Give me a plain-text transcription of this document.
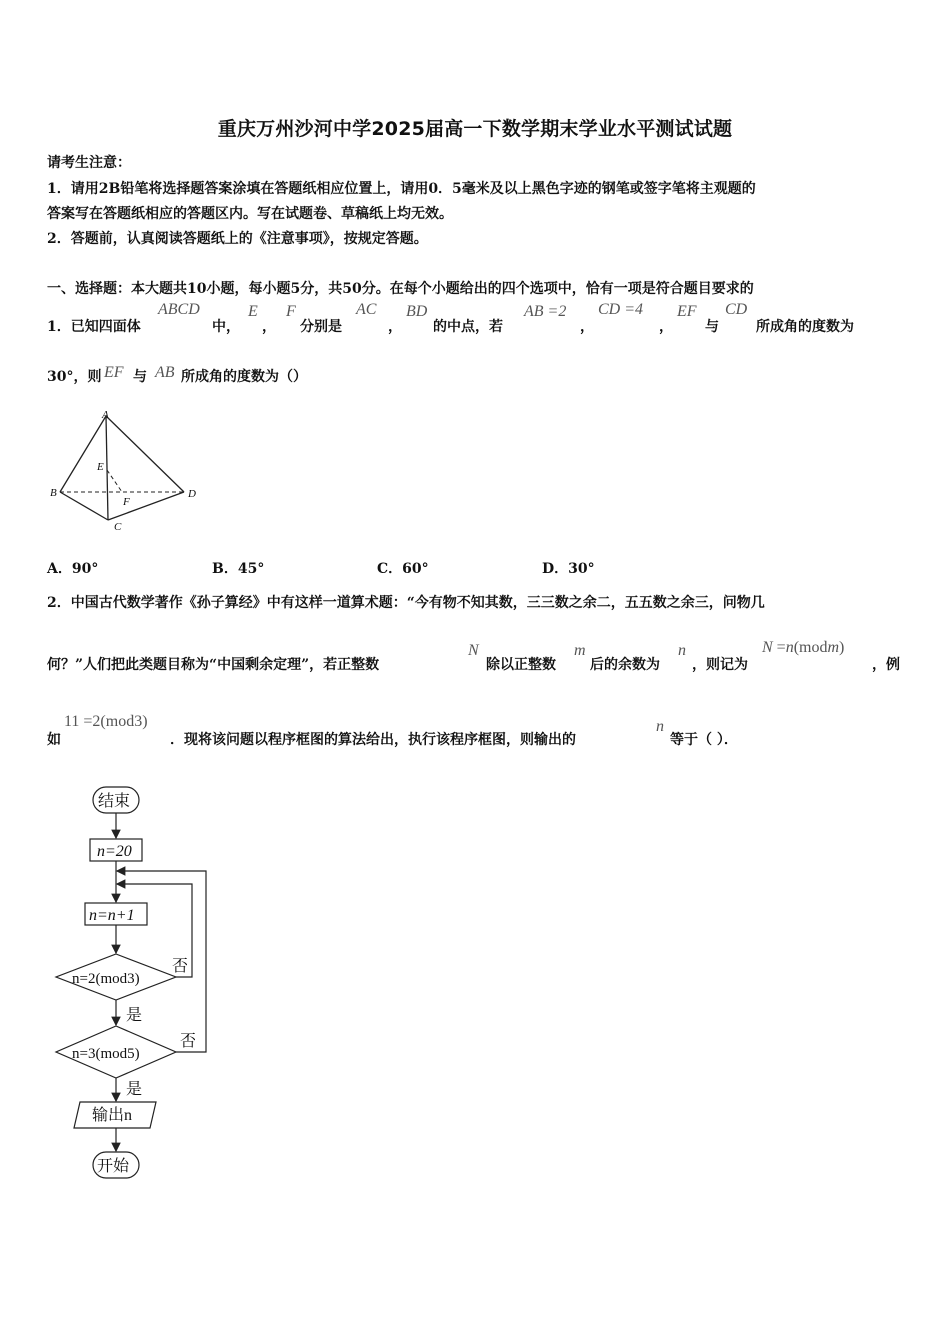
重庆万州沙河中学2025届高一下数学期末学业水平测试试题
请考生注意：
1．请用2B铅笔将选择题答案涂填在答题纸相应位置上，请用0．5毫米及以上黑色字迹的钢笔或签字笔将主观题的
答案写在答题纸相应的答题区内。写在试题卷、草稿纸上均无效。
2．答题前，认真阅读答题纸上的《注意事项》，按规定答题。
一、选择题：本大题共10小题，每小题5分，共50分。在每个小题给出的四个选项中，恰有一项是符合题目要求的
1．已知四面体
ABCD
中，
E
，
F
分别是
AC
，
BD
的中点，若
AB =2
，
CD =4
，
EF
与
CD
所成角的度数为
30°，则 EF 与 AB 所成角的度数为（）
A
B
C
D
E
F
A．90°	B．45°	C．60°	D．30°
2．中国古代数学著作《孙子算经》中有这样一道算术题：“今有物不知其数，三三数之余二，五五数之余三，问物几
何？”人们把此类题目称为“中国剩余定理”，若正整数
N
除以正整数
m
后的余数为
n
，则记为
N =n(modm)
，例
如
11 =2(mod3)
．现将该问题以程序框图的算法给出，执行该程序框图，则输出的
n
等于（ ）．
结束
n=20
n=n+1
n=2(mod3)
n=3(mod5)
输出n
开始
否
是
否
是
